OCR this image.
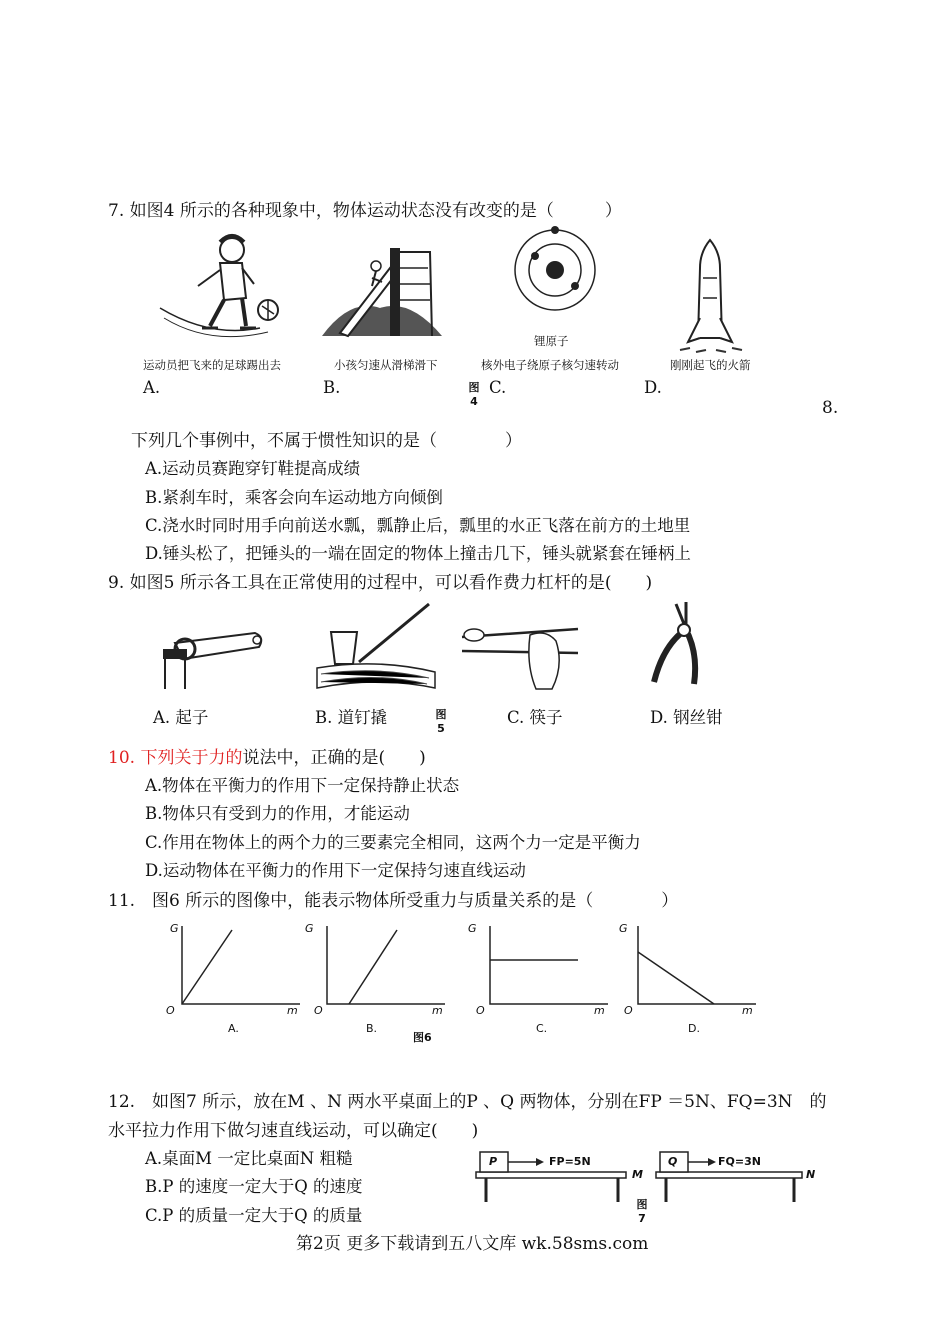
7. 如图4 所示的各种现象中，物体运动状态没有改变的是（　　　）
锂原子
运动员把飞来的足球踢出去	小孩匀速从滑梯滑下	核外电子绕原子核匀速转动	刚刚起飞的火箭
A.	B.	C.	D.
图
4	8.
下列几个事例中，不属于惯性知识的是（　　　　）
A.运动员赛跑穿钉鞋提高成绩
B.紧刹车时，乘客会向车运动地方向倾倒
C.浇水时同时用手向前送水瓢，瓢静止后，瓢里的水正飞落在前方的土地里
D.锤头松了，把锤头的一端在固定的物体上撞击几下，锤头就紧套在锤柄上
9. 如图5 所示各工具在正常使用的过程中，可以看作费力杠杆的是(　　)
A. 起子	B. 道钉撬	C. 筷子	D. 钢丝钳
图
5
10. 下列关于力的说法中，正确的是(　　)
A.物体在平衡力的作用下一定保持静止状态
B.物体只有受到力的作用，才能运动
C.作用在物体上的两个力的三要素完全相同，这两个力一定是平衡力
D.运动物体在平衡力的作用下一定保持匀速直线运动
11.　图6 所示的图像中，能表示物体所受重力与质量关系的是（　　　　）
G
O	m
A.
G
O	m
B.
G
O	m
C.
G
O	m
D.
图6
12.　如图7 所示，放在M 、N 两水平桌面上的P 、Q 两物体，分别在FP ＝5N、FQ=3N　的
水平拉力作用下做匀速直线运动，可以确定(　　)
A.桌面M 一定比桌面N 粗糙
B.P 的速度一定大于Q 的速度
C.P 的质量一定大于Q 的质量
P	FP=5N
M
Q	FQ=3N
N
图
7
第2页 更多下载请到五八文库 wk.58sms.com
